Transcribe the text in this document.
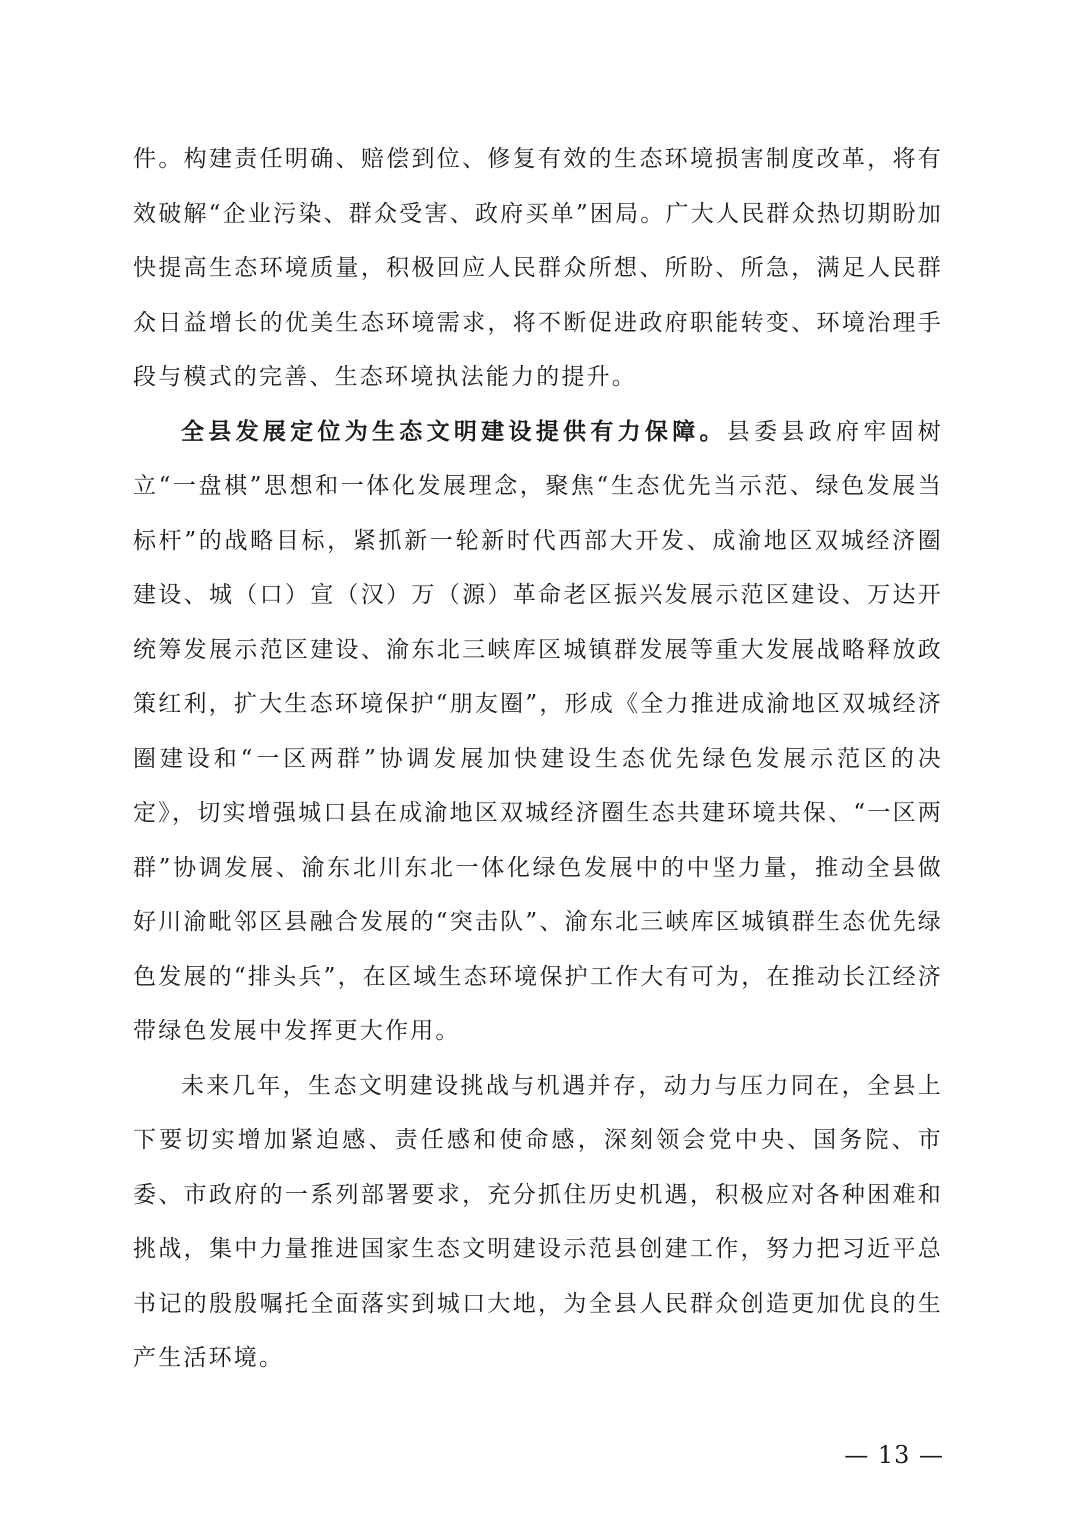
件。构建责任明确、赔偿到位、修复有效的生态环境损害制度改革，将有效破解“企业污染、群众受害、政府买单”困局。广大人民群众热切期盼加快提高生态环境质量，积极回应人民群众所想、所盼、所急，满足人民群众日益增长的优美生态环境需求，将不断促进政府职能转变、环境治理手段与模式的完善、生态环境执法能力的提升。

全县发展定位为生态文明建设提供有力保障。县委县政府牢固树立“一盘棋”思想和一体化发展理念，聚焦“生态优先当示范、绿色发展当标杆”的战略目标，紧抓新一轮新时代西部大开发、成渝地区双城经济圈建设、城（口）宣（汉）万（源）革命老区振兴发展示范区建设、万达开统筹发展示范区建设、渝东北三峡库区城镇群发展等重大发展战略释放政策红利，扩大生态环境保护“朋友圈”，形成《全力推进成渝地区双城经济圈建设和“一区两群”协调发展加快建设生态优先绿色发展示范区的决定》，切实增强城口县在成渝地区双城经济圈生态共建环境共保、“一区两群”协调发展、渝东北川东北一体化绿色发展中的中坚力量，推动全县做好川渝毗邻区县融合发展的“突击队”、渝东北三峡库区城镇群生态优先绿色发展的“排头兵”，在区域生态环境保护工作大有可为，在推动长江经济带绿色发展中发挥更大作用。

未来几年，生态文明建设挑战与机遇并存，动力与压力同在，全县上下要切实增加紧迫感、责任感和使命感，深刻领会党中央、国务院、市委、市政府的一系列部署要求，充分抓住历史机遇，积极应对各种困难和挑战，集中力量推进国家生态文明建设示范县创建工作，努力把习近平总书记的殷殷嘱托全面落实到城口大地，为全县人民群众创造更加优良的生产生活环境。

— 13 —
